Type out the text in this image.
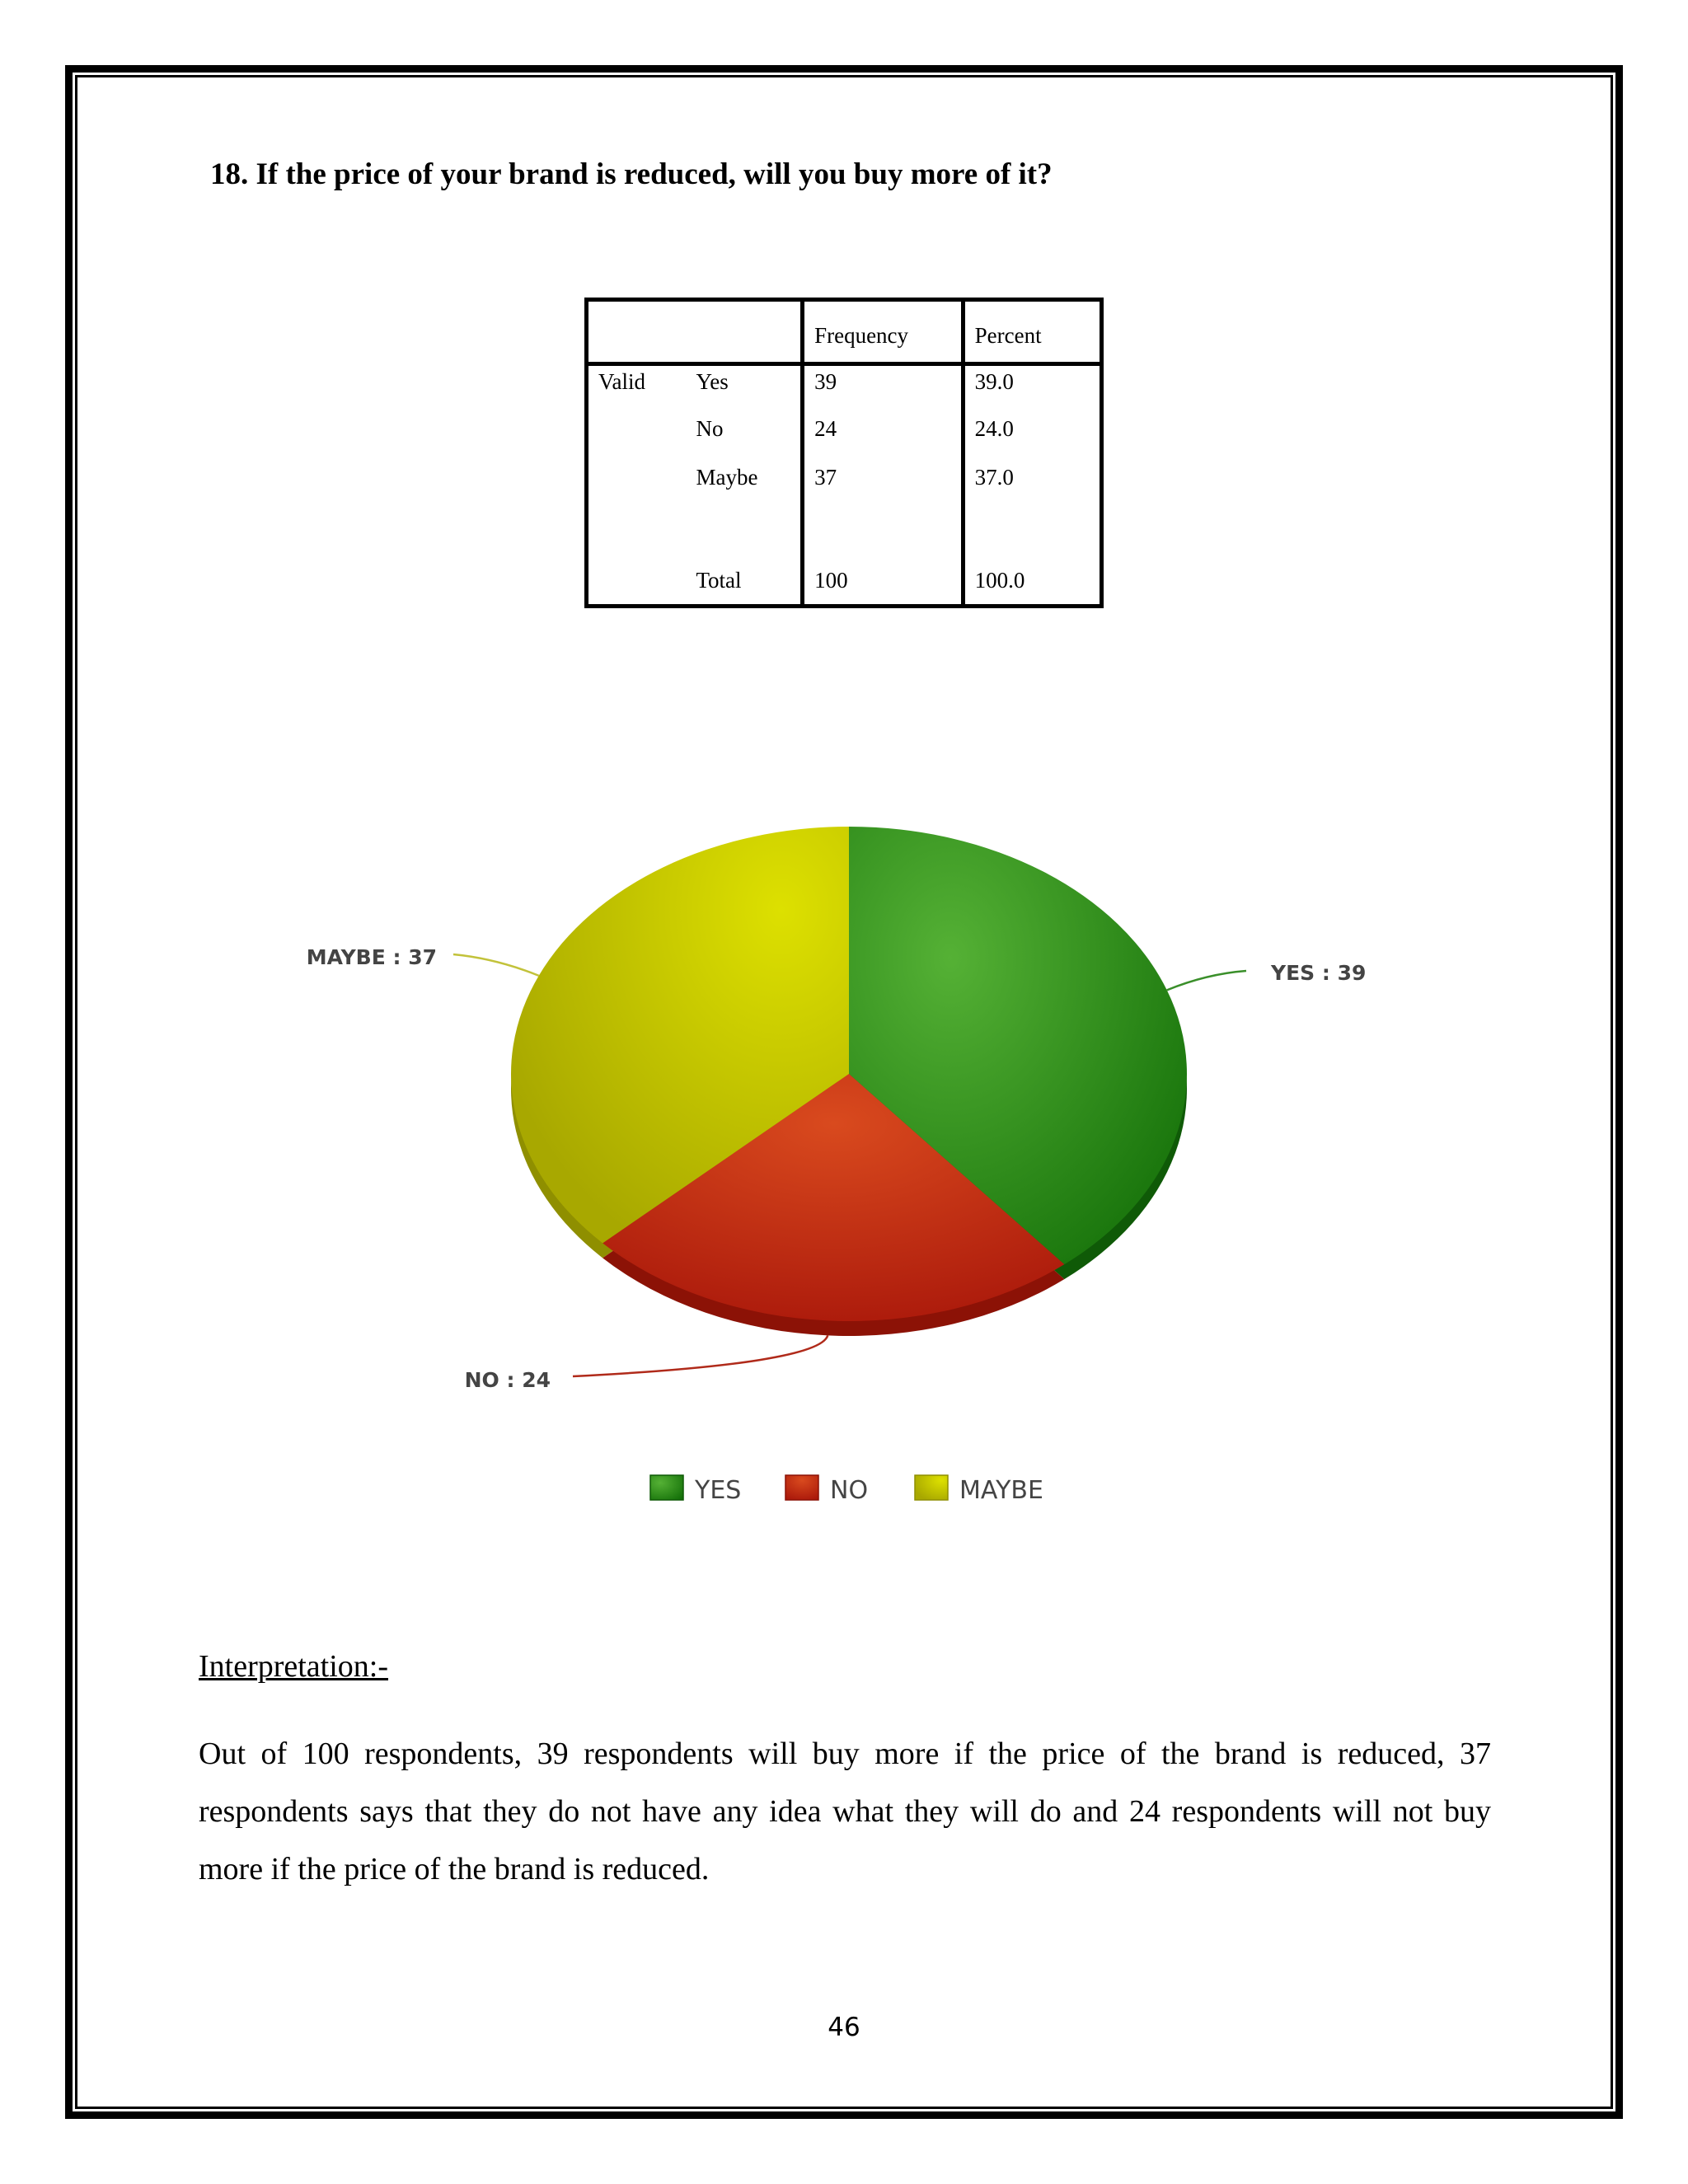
18. If the price of your brand is reduced, will you buy more of it?
		Frequency	Percent
Valid	Yes	39	39.0
	No	24	24.0
	Maybe	37	37.0

	Total	100	100.0
YES : 39
NO : 24
MAYBE : 37
YES	NO	MAYBE
Interpretation:-
Out of 100 respondents, 39 respondents will buy more if the price of the brand is reduced, 37 respondents says that they do not have any idea what they will do and 24 respondents will not buy more if the price of the brand is reduced.
46
